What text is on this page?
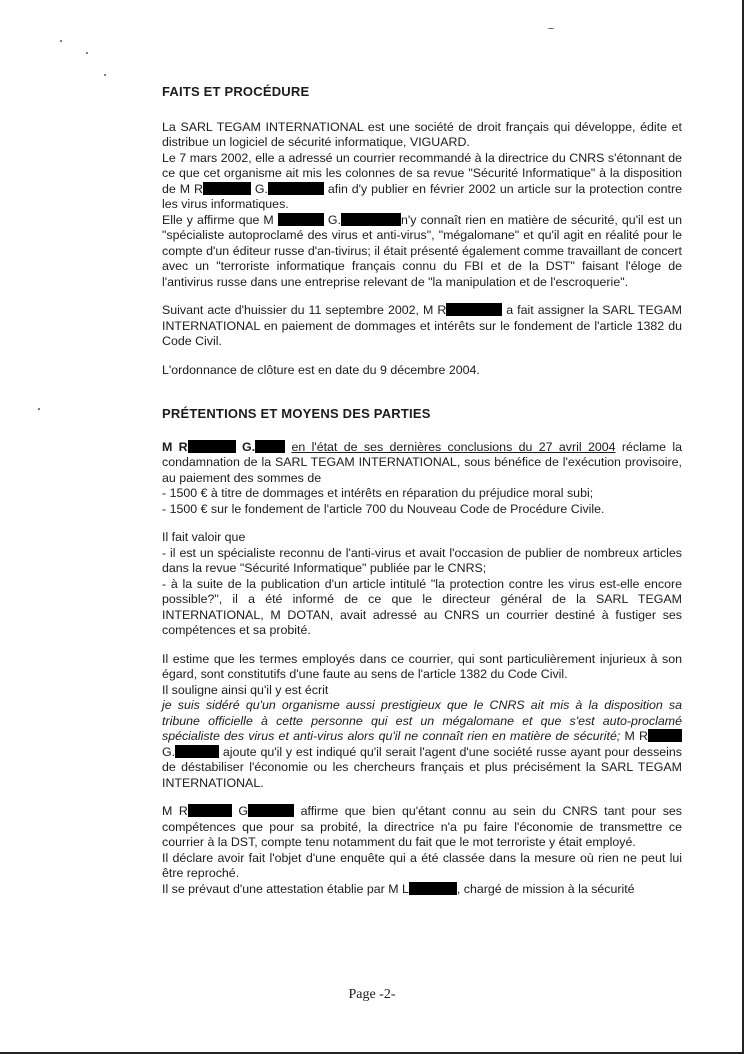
FAITS ET PROCÉDURE

La SARL TEGAM INTERNATIONAL est une société de droit français qui développe, édite et distribue un logiciel de sécurité informatique, VIGUARD.
Le 7 mars 2002, elle a adressé un courrier recommandé à la directrice du CNRS s'étonnant de ce que cet organisme ait mis les colonnes de sa revue "Sécurité Informatique" à la disposition de M R	G.	afin d'y publier en février 2002 un article sur la protection contre les virus informatiques.
Elle y affirme que M	G.	n'y connaît rien en matière de sécurité, qu'il est un "spécialiste autoproclamé des virus et anti-virus", "mégalomane" et qu'il agit en réalité pour le compte d'un éditeur russe d'an-tivirus; il était présenté également comme travaillant de concert avec un "terroriste informatique français connu du FBI et de la DST" faisant l'éloge de l'antivirus russe dans une entreprise relevant de "la manipulation et de l'escroquerie".

Suivant acte d'huissier du 11 septembre 2002, M R	a fait assigner la SARL TEGAM INTERNATIONAL en paiement de dommages et intérêts sur le fondement de l'article 1382 du Code Civil.

L'ordonnance de clôture est en date du 9 décembre 2004.

PRÉTENTIONS ET MOYENS DES PARTIES

M R	G.	en l'état de ses dernières conclusions du 27 avril 2004 réclame la condamnation de la SARL TEGAM INTERNATIONAL, sous bénéfice de l'exécution provisoire, au paiement des sommes de
- 1500 € à titre de dommages et intérêts en réparation du préjudice moral subi;
- 1500 € sur le fondement de l'article 700 du Nouveau Code de Procédure Civile.

Il fait valoir que
- il est un spécialiste reconnu de l'anti-virus et avait l'occasion de publier de nombreux articles dans la revue "Sécurité Informatique" publiée par le CNRS;
- à la suite de la publication d'un article intitulé "la protection contre les virus est-elle encore possible?", il a été informé de ce que le directeur général de la SARL TEGAM INTERNATIONAL, M DOTAN, avait adressé au CNRS un courrier destiné à fustiger ses compétences et sa probité.

Il estime que les termes employés dans ce courrier, qui sont particulièrement injurieux à son égard, sont constitutifs d'une faute au sens de l'article 1382 du Code Civil.
Il souligne ainsi qu'il y est écrit
je suis sidéré qu'un organisme aussi prestigieux que le CNRS ait mis à la disposition sa tribune officielle à cette personne qui est un mégalomane et que s'est auto-proclamé spécialiste des virus et anti-virus alors qu'il ne connaît rien en matière de sécurité; M R G.	ajoute qu'il y est indiqué qu'il serait l'agent d'une société russe ayant pour desseins de déstabiliser l'économie ou les chercheurs français et plus précisément la SARL TEGAM INTERNATIONAL.

M R	G	affirme que bien qu'étant connu au sein du CNRS tant pour ses compétences que pour sa probité, la directrice n'a pu faire l'économie de transmettre ce courrier à la DST, compte tenu notamment du fait que le mot terroriste y était employé.
Il déclare avoir fait l'objet d'une enquête qui a été classée dans la mesure où rien ne peut lui être reproché.
Il se prévaut d'une attestation établie par M L	, chargé de mission à la sécurité

Page -2-
